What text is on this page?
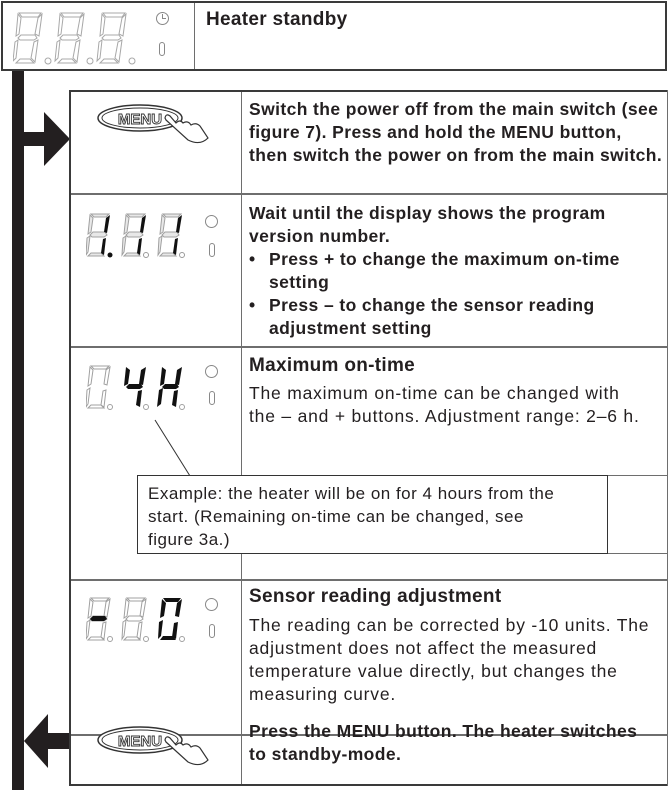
Heater standby
MENU
Switch the power off from the main switch (see figure 7). Press and hold the MENU button, then switch the power on from the main switch.
Wait until the display shows the program version number.
• Press + to change the maximum on-time setting
• Press – to change the sensor reading adjustment setting
Maximum on-time
The maximum on-time can be changed with the – and + buttons. Adjustment range: 2–6 h.
Example: the heater will be on for 4 hours from the start. (Remaining on-time can be changed, see figure 3a.)
Sensor reading adjustment
The reading can be corrected by -10 units. The adjustment does not affect the measured temperature value directly, but changes the measuring curve.
MENU
Press the MENU button. The heater switches to standby-mode.
